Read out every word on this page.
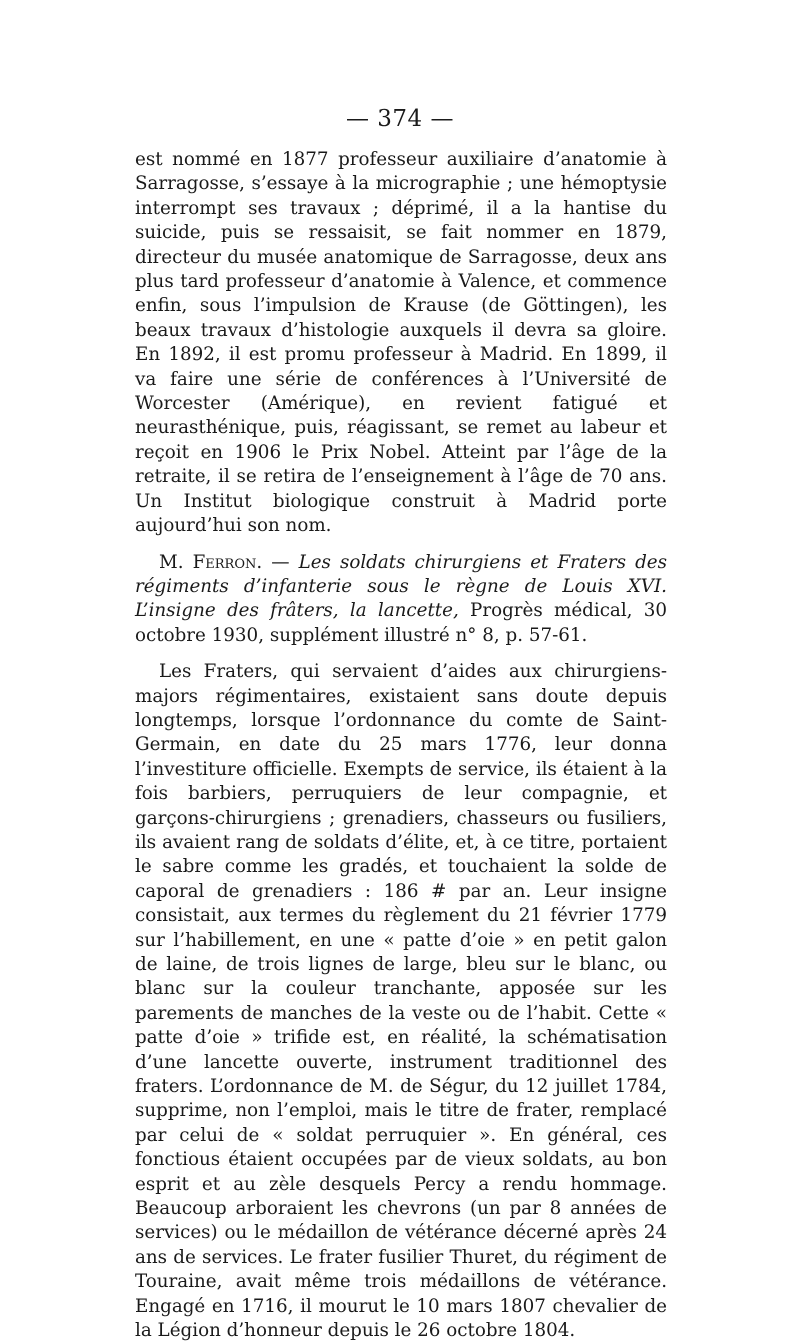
— 374 —

est nommé en 1877 professeur auxiliaire d’anatomie à Sarragosse, s’essaye à la micrographie ; une hémoptysie interrompt ses travaux ; déprimé, il a la hantise du suicide, puis se ressaisit, se fait nommer en 1879, directeur du musée anatomique de Sarragosse, deux ans plus tard professeur d’anatomie à Valence, et commence enfin, sous l’impulsion de Krause (de Göttingen), les beaux travaux d’histologie auxquels il devra sa gloire. En 1892, il est promu professeur à Madrid. En 1899, il va faire une série de conférences à l’Université de Worcester (Amérique), en revient fatigué et neurasthénique, puis, réagissant, se remet au labeur et reçoit en 1906 le Prix Nobel. Atteint par l’âge de la retraite, il se retira de l’enseignement à l’âge de 70 ans. Un Institut biologique construit à Madrid porte aujourd’hui son nom.

M. Ferron. — Les soldats chirurgiens et Fraters des régiments d’infanterie sous le règne de Louis XVI. L’insigne des frâters, la lancette, Progrès médical, 30 octobre 1930, supplément illustré n° 8, p. 57-61.

Les Fraters, qui servaient d’aides aux chirurgiens-majors régimentaires, existaient sans doute depuis longtemps, lorsque l’ordonnance du comte de Saint-Germain, en date du 25 mars 1776, leur donna l’investiture officielle. Exempts de service, ils étaient à la fois barbiers, perruquiers de leur compagnie, et garçons-chirurgiens ; grenadiers, chasseurs ou fusiliers, ils avaient rang de soldats d’élite, et, à ce titre, portaient le sabre comme les gradés, et touchaient la solde de caporal de grenadiers : 186 # par an. Leur insigne consistait, aux termes du règlement du 21 février 1779 sur l’habillement, en une « patte d’oie » en petit galon de laine, de trois lignes de large, bleu sur le blanc, ou blanc sur la couleur tranchante, apposée sur les parements de manches de la veste ou de l’habit. Cette « patte d’oie » trifide est, en réalité, la schématisation d’une lancette ouverte, instrument traditionnel des fraters. L’ordonnance de M. de Ségur, du 12 juillet 1784, supprime, non l’emploi, mais le titre de frater, remplacé par celui de « soldat perruquier ». En général, ces fonctious étaient occupées par de vieux soldats, au bon esprit et au zèle desquels Percy a rendu hommage. Beaucoup arboraient les chevrons (un par 8 années de services) ou le médaillon de vétérance décerné après 24 ans de services. Le frater fusilier Thuret, du régiment de Touraine, avait même trois médaillons de vétérance. Engagé en 1716, il mourut le 10 mars 1807 chevalier de la Légion d’honneur depuis le 26 octobre 1804.
